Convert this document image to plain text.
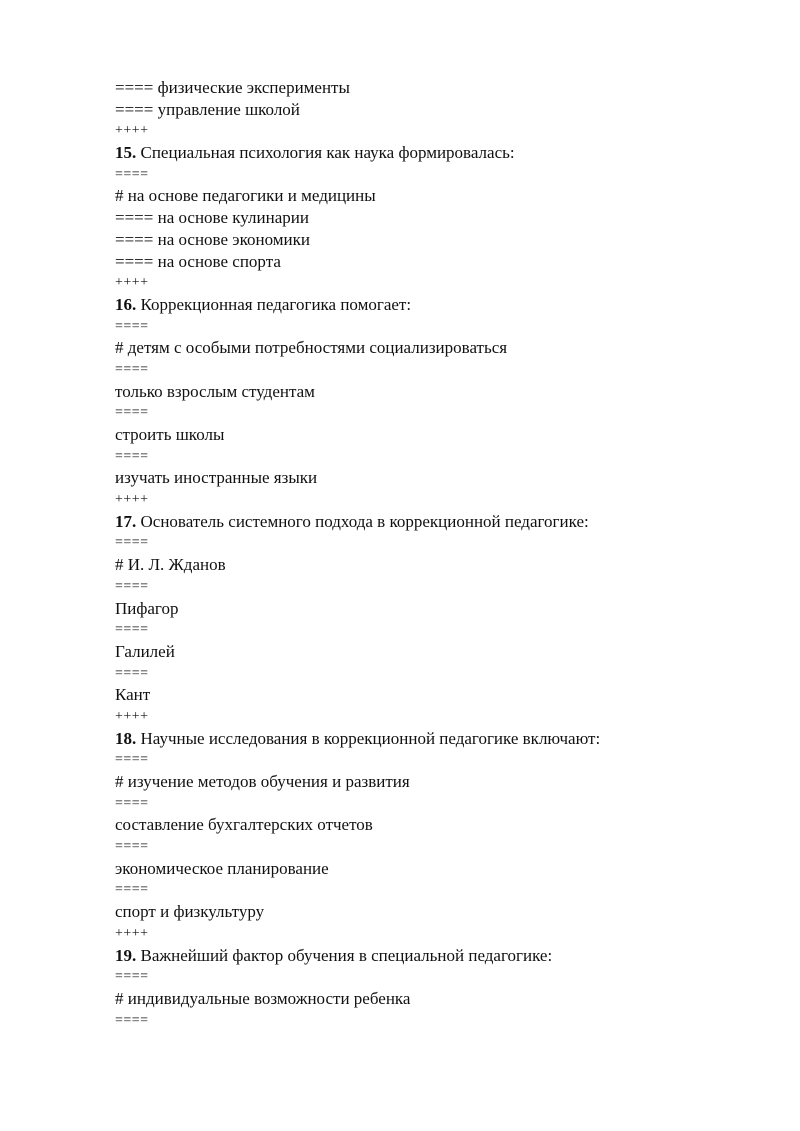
==== физические эксперименты
==== управление школой
++++
15. Специальная психология как наука формировалась:
====
# на основе педагогики и медицины
==== на основе кулинарии
==== на основе экономики
==== на основе спорта
++++
16. Коррекционная педагогика помогает:
====
# детям с особыми потребностями социализироваться
====
только взрослым студентам
====
строить школы
====
изучать иностранные языки
++++
17. Основатель системного подхода в коррекционной педагогике:
====
# И. Л. Жданов
====
Пифагор
====
Галилей
====
Кант
++++
18. Научные исследования в коррекционной педагогике включают:
====
# изучение методов обучения и развития
====
составление бухгалтерских отчетов
====
экономическое планирование
====
спорт и физкультуру
++++
19. Важнейший фактор обучения в специальной педагогике:
====
# индивидуальные возможности ребенка
====
